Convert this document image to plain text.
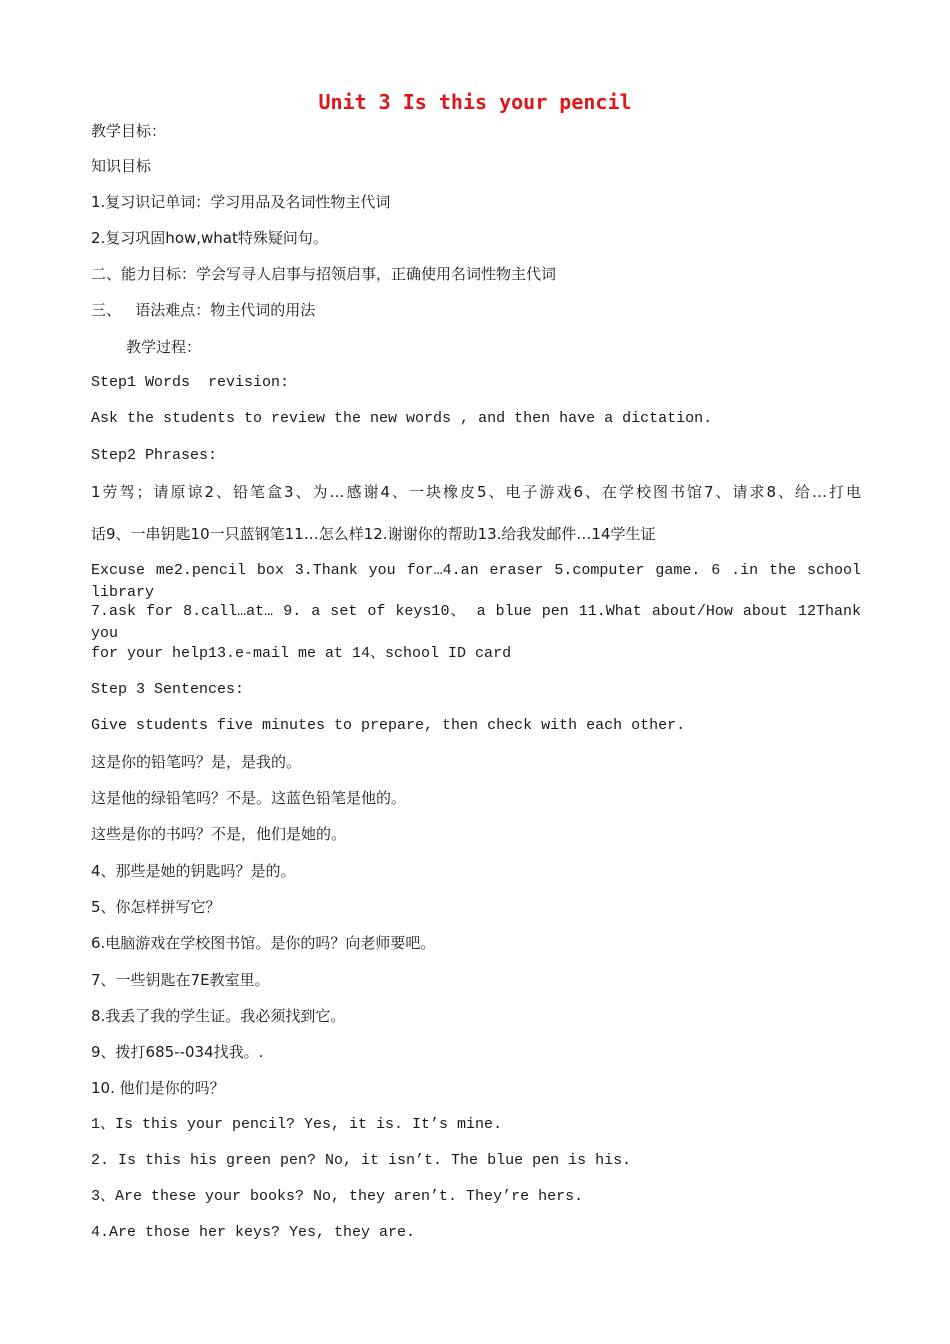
Unit 3 Is this your pencil
教学目标：
知识目标
1.复习识记单词：学习用品及名词性物主代词
2.复习巩固how,what特殊疑问句。
二、能力目标：学会写寻人启事与招领启事，正确使用名词性物主代词
三、   语法难点：物主代词的用法
教学过程：
Step1 Words  revision:
Ask the students to review the new words , and then have a dictation.
Step2 Phrases:
1劳驾；请原谅2、铅笔盒3、为…感谢4、一块橡皮5、电子游戏6、在学校图书馆7、请求8、给…打电
话9、一串钥匙10一只蓝钢笔11…怎么样12.谢谢你的帮助13.给我发邮件…14学生证
Excuse me2.pencil box 3.Thank you for…4.an eraser 5.computer game. 6 .in the school library
7.ask for 8.call…at… 9. a set of keys10、 a blue pen 11.What about/How about 12Thank you
for your help13.e-mail me at 14、school ID card
Step 3 Sentences:
Give students five minutes to prepare, then check with each other.
这是你的铅笔吗？是，是我的。
这是他的绿铅笔吗？不是。这蓝色铅笔是他的。
这些是你的书吗？不是，他们是她的。
4、那些是她的钥匙吗？是的。
5、你怎样拼写它？
6.电脑游戏在学校图书馆。是你的吗？向老师要吧。
7、一些钥匙在7E教室里。
8.我丢了我的学生证。我必须找到它。
9、拨打685--034找我。.
10. 他们是你的吗？
1、Is this your pencil? Yes, it is. It’s mine.
2. Is this his green pen? No, it isn’t. The blue pen is his.
3、Are these your books? No, they aren’t. They’re hers.
4.Are those her keys? Yes, they are.
